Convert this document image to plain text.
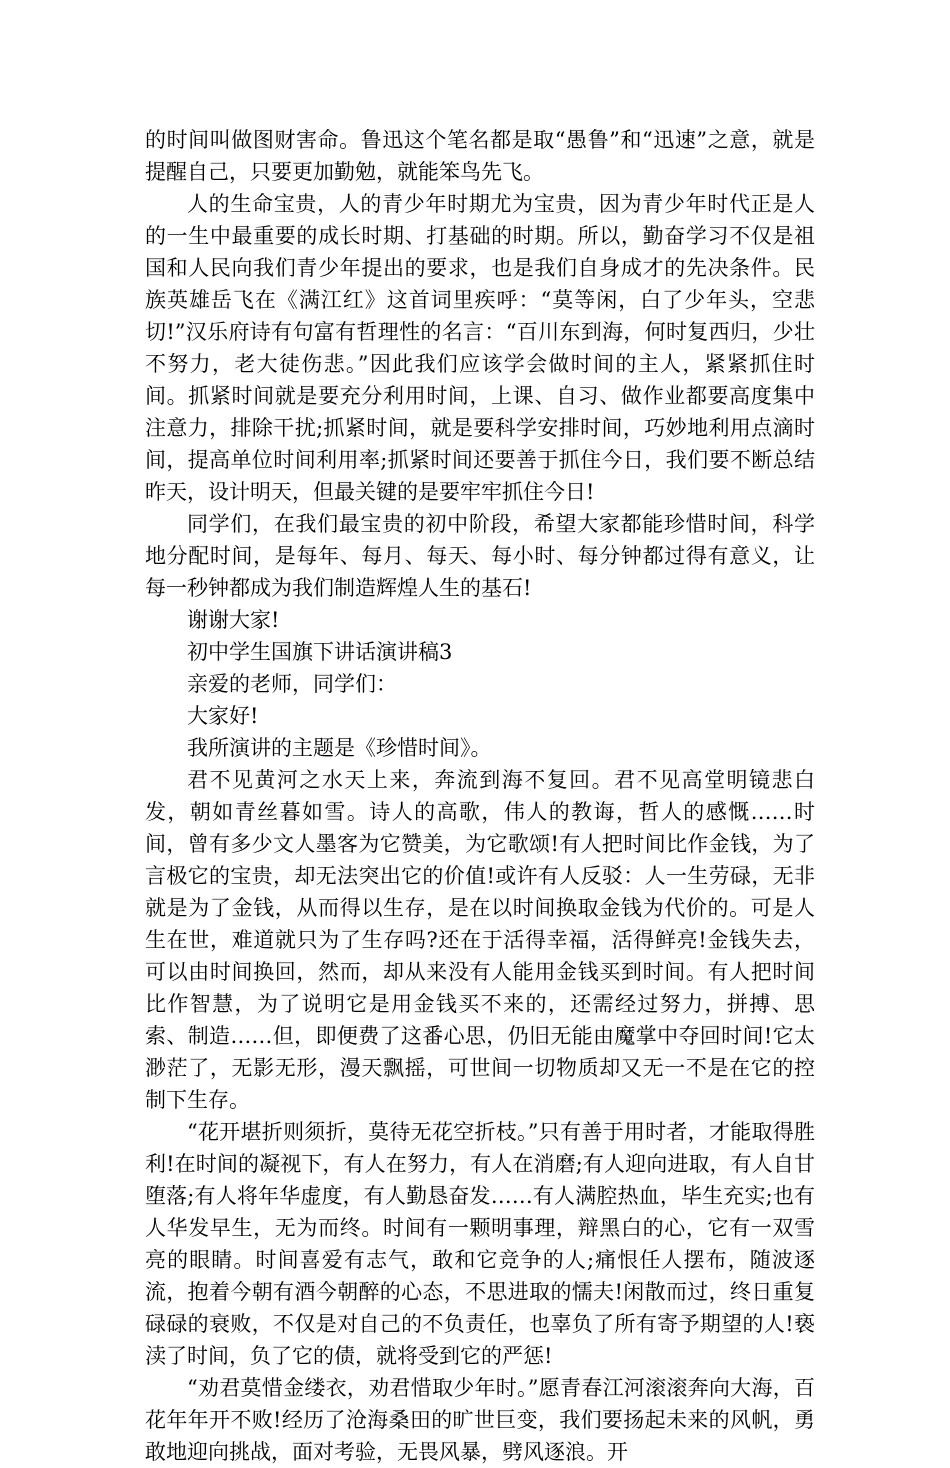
的时间叫做图财害命。鲁迅这个笔名都是取“愚鲁”和“迅速”之意，就是提醒自己，只要更加勤勉，就能笨鸟先飞。

人的生命宝贵，人的青少年时期尤为宝贵，因为青少年时代正是人的一生中最重要的成长时期、打基础的时期。所以，勤奋学习不仅是祖国和人民向我们青少年提出的要求，也是我们自身成才的先决条件。民族英雄岳飞在《满江红》这首词里疾呼：“莫等闲，白了少年头，空悲切!”汉乐府诗有句富有哲理性的名言：“百川东到海，何时复西归，少壮不努力，老大徒伤悲。”因此我们应该学会做时间的主人，紧紧抓住时间。抓紧时间就是要充分利用时间，上课、自习、做作业都要高度集中注意力，排除干扰;抓紧时间，就是要科学安排时间，巧妙地利用点滴时间，提高单位时间利用率;抓紧时间还要善于抓住今日，我们要不断总结昨天，设计明天，但最关键的是要牢牢抓住今日!

同学们，在我们最宝贵的初中阶段，希望大家都能珍惜时间，科学地分配时间，是每年、每月、每天、每小时、每分钟都过得有意义，让每一秒钟都成为我们制造辉煌人生的基石!

谢谢大家!

初中学生国旗下讲话演讲稿3

亲爱的老师，同学们：

大家好!

我所演讲的主题是《珍惜时间》。

君不见黄河之水天上来，奔流到海不复回。君不见高堂明镜悲白发，朝如青丝暮如雪。诗人的高歌，伟人的教诲，哲人的感慨……时间，曾有多少文人墨客为它赞美，为它歌颂!有人把时间比作金钱，为了言极它的宝贵，却无法突出它的价值!或许有人反驳：人一生劳碌，无非就是为了金钱，从而得以生存，是在以时间换取金钱为代价的。可是人生在世，难道就只为了生存吗?还在于活得幸福，活得鲜亮!金钱失去，可以由时间换回，然而，却从来没有人能用金钱买到时间。有人把时间比作智慧，为了说明它是用金钱买不来的，还需经过努力，拼搏、思索、制造……但，即便费了这番心思，仍旧无能由魔掌中夺回时间!它太渺茫了，无影无形，漫天飘摇，可世间一切物质却又无一不是在它的控制下生存。

“花开堪折则须折，莫待无花空折枝。”只有善于用时者，才能取得胜利!在时间的凝视下，有人在努力，有人在消磨;有人迎向进取，有人自甘堕落;有人将年华虚度，有人勤恳奋发……有人满腔热血，毕生充实;也有人华发早生，无为而终。时间有一颗明事理，辩黑白的心，它有一双雪亮的眼睛。时间喜爱有志气，敢和它竞争的人;痛恨任人摆布，随波逐流，抱着今朝有酒今朝醉的心态，不思进取的懦夫!闲散而过，终日重复碌碌的衰败，不仅是对自己的不负责任，也辜负了所有寄予期望的人!亵渎了时间，负了它的债，就将受到它的严惩!

“劝君莫惜金缕衣，劝君惜取少年时。”愿青春江河滚滚奔向大海，百花年年开不败!经历了沧海桑田的旷世巨变，我们要扬起未来的风帆，勇敢地迎向挑战，面对考验，无畏风暴，劈风逐浪。开
